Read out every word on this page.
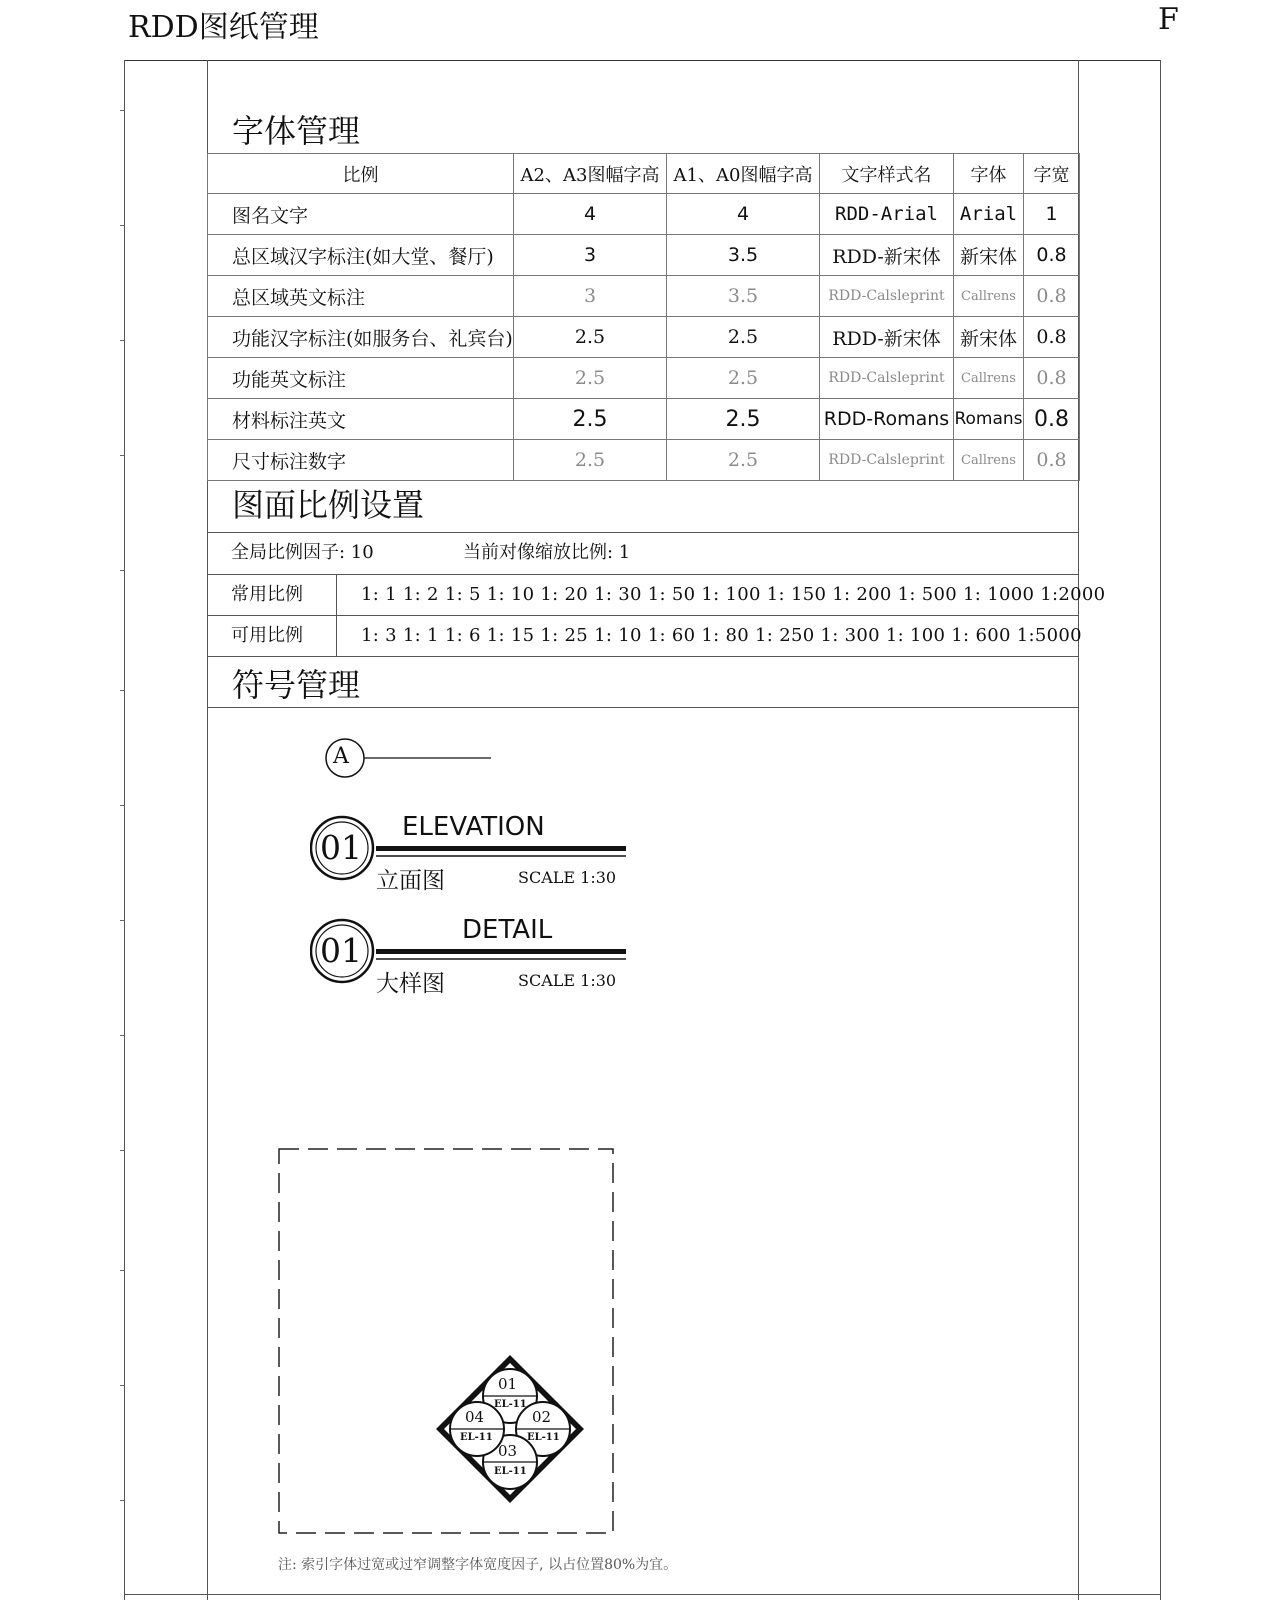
RDD图纸管理	F
字体管理
比例	A2、A3图幅字高	A1、A0图幅字高	文字样式名	字体	字宽
图名文字	4	4	RDD-Arial	Arial	1
总区域汉字标注(如大堂、餐厅)	3	3.5	RDD-新宋体	新宋体	0.8
总区域英文标注	3	3.5	RDD-Calsleprint	Callrens	0.8
功能汉字标注(如服务台、礼宾台)	2.5	2.5	RDD-新宋体	新宋体	0.8
功能英文标注	2.5	2.5	RDD-Calsleprint	Callrens	0.8
材料标注英文	2.5	2.5	RDD-Romans	Romans	0.8
尺寸标注数字	2.5	2.5	RDD-Calsleprint	Callrens	0.8
图面比例设置
全局比例因子: 10	当前对像缩放比例: 1
常用比例	1: 1 1: 2 1: 5 1: 10 1: 20 1: 30 1: 50 1: 100 1: 150 1: 200 1: 500 1: 1000 1:2000
可用比例	1: 3 1: 1 1: 6 1: 15 1: 25 1: 10 1: 60 1: 80 1: 250 1: 300 1: 100 1: 600 1:5000
符号管理
A
01
ELEVATION
立面图	SCALE 1:30
01
DETAIL
大样图	SCALE 1:30
01
EL-11
02
EL-11
03
EL-11
04
EL-11
注: 索引字体过宽或过窄调整字体宽度因子, 以占位置80%为宜。
